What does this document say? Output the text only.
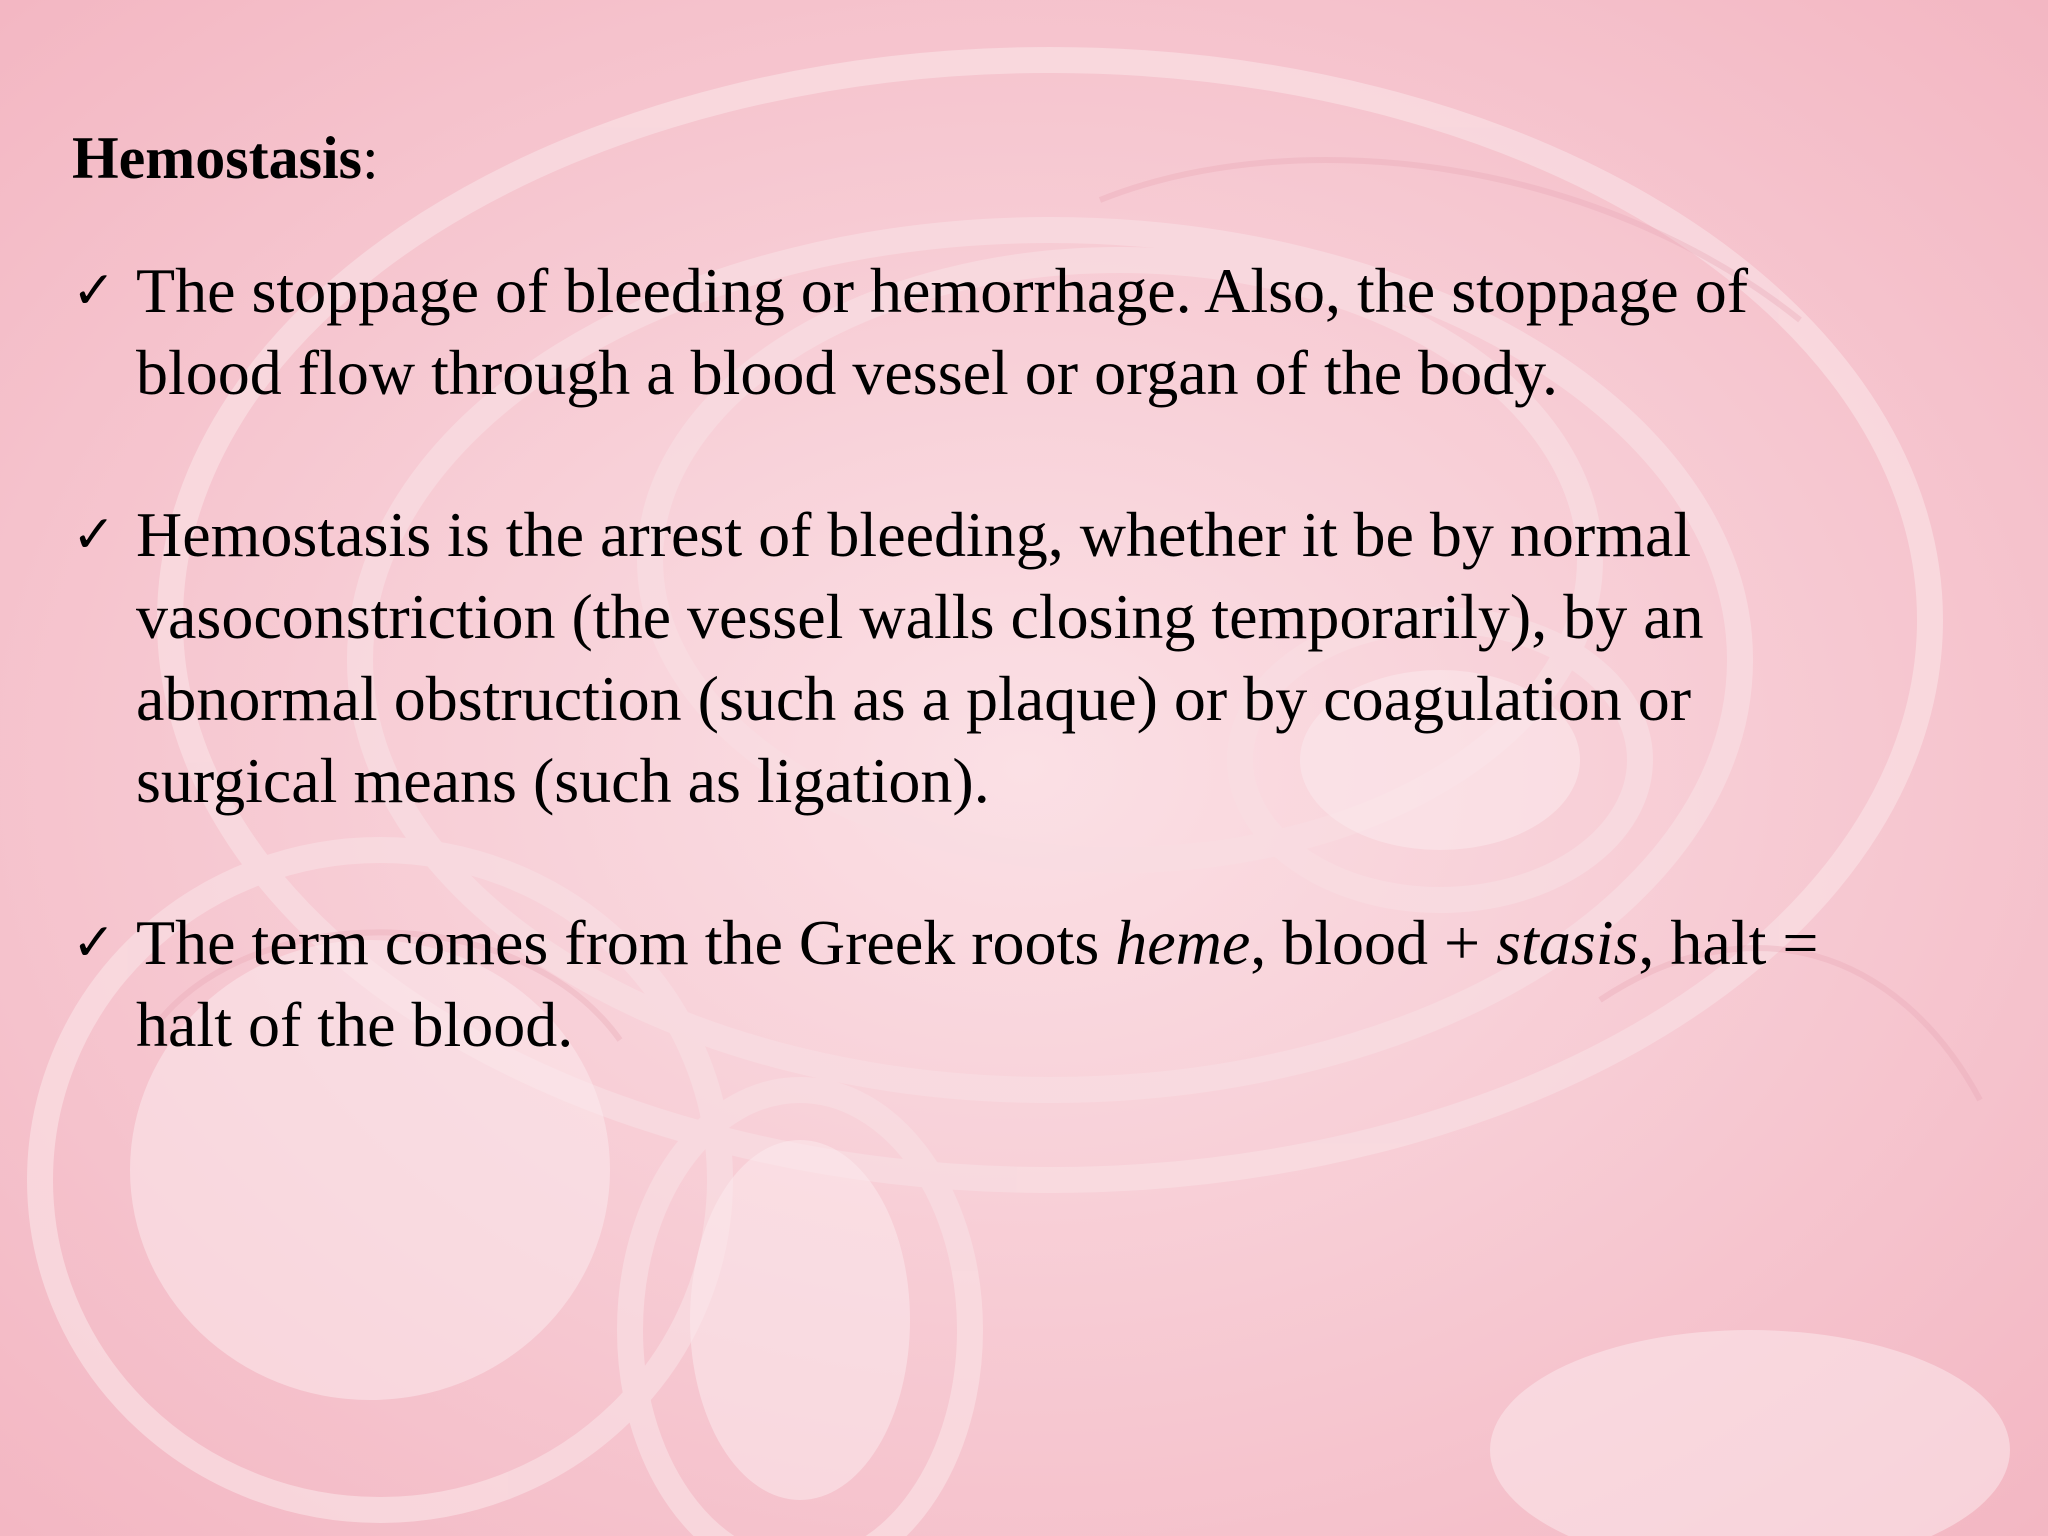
Hemostasis:
✓ The stoppage of bleeding or hemorrhage. Also, the stoppage of
blood flow through a blood vessel or organ of the body.
✓ Hemostasis is the arrest of bleeding, whether it be by normal
vasoconstriction (the vessel walls closing temporarily), by an
abnormal obstruction (such as a plaque) or by coagulation or
surgical means (such as ligation).
✓ The term comes from the Greek roots heme, blood + stasis, halt =
halt of the blood.
